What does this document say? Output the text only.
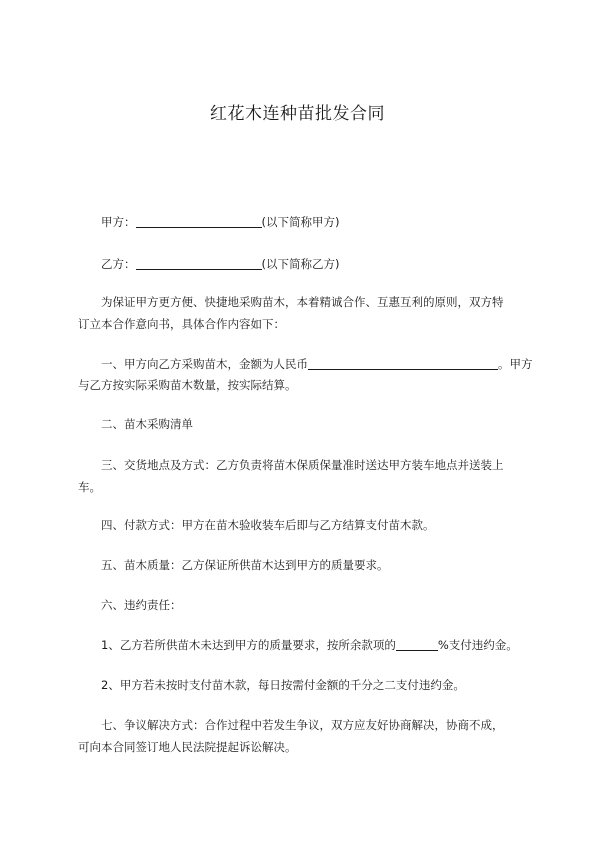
红花木连种苗批发合同
甲方：	(以下简称甲方)
乙方：	(以下简称乙方)
为保证甲方更方便、快捷地采购苗木，本着精诚合作、互惠互利的原则，双方特
订立本合作意向书，具体合作内容如下：
一、甲方向乙方采购苗木，金额为人民币	。甲方
与乙方按实际采购苗木数量，按实际结算。
二、苗木采购清单
三、交货地点及方式：乙方负责将苗木保质保量准时送达甲方装车地点并送装上
车。
四、付款方式：甲方在苗木验收装车后即与乙方结算支付苗木款。
五、苗木质量：乙方保证所供苗木达到甲方的质量要求。
六、违约责任：
1、乙方若所供苗木未达到甲方的质量要求，按所余款项的	%支付违约金。
2、甲方若未按时支付苗木款，每日按需付金额的千分之二支付违约金。
七、争议解决方式：合作过程中若发生争议，双方应友好协商解决，协商不成，
可向本合同签订地人民法院提起诉讼解决。
